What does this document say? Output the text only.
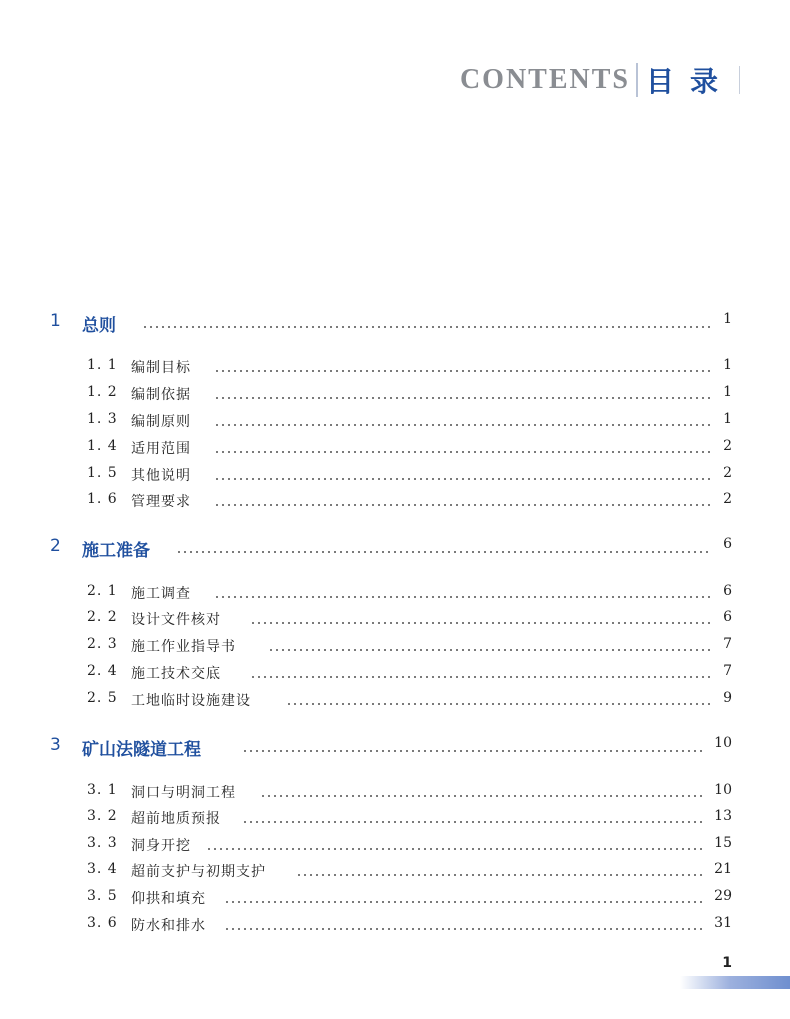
CONTENTS 目录
1 总则	1
1. 1 编制目标	1
1. 2 编制依据	1
1. 3 编制原则	1
1. 4 适用范围	2
1. 5 其他说明	2
1. 6 管理要求	2
2 施工准备	6
2. 1 施工调查	6
2. 2 设计文件核对	6
2. 3 施工作业指导书	7
2. 4 施工技术交底	7
2. 5 工地临时设施建设	9
3 矿山法隧道工程	10
3. 1 洞口与明洞工程	10
3. 2 超前地质预报	13
3. 3 洞身开挖	15
3. 4 超前支护与初期支护	21
3. 5 仰拱和填充	29
3. 6 防水和排水	31
1
